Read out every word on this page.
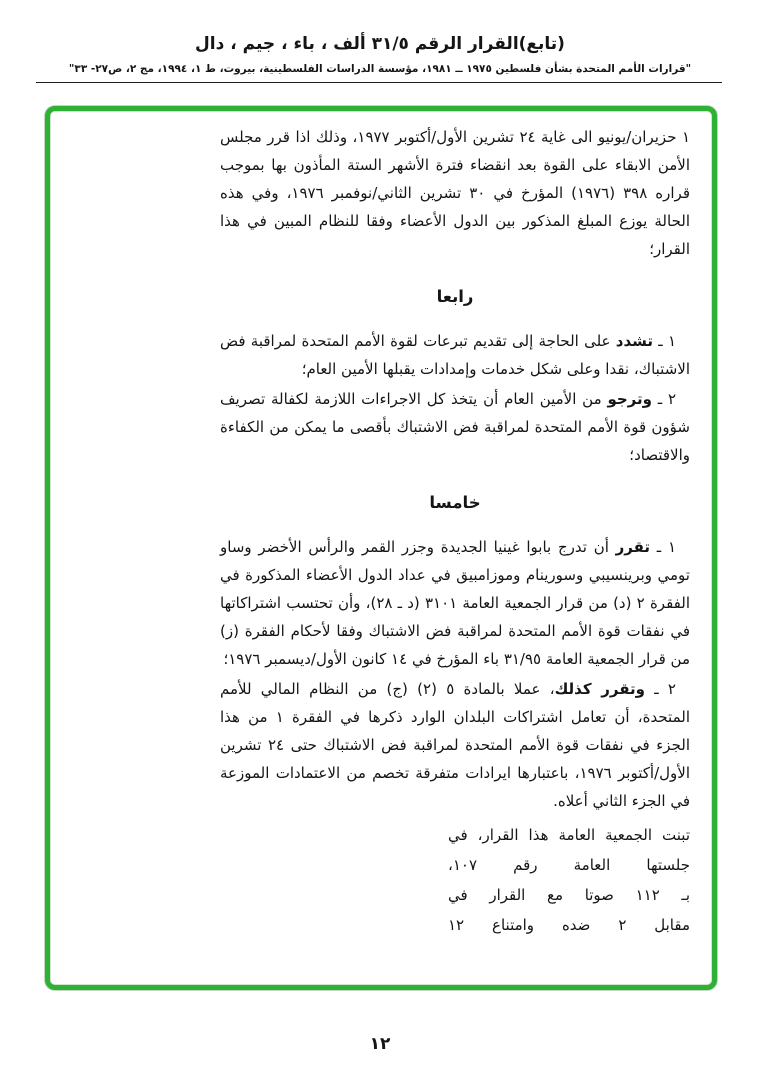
(تابع)القرار الرقم ٣١/٥ ألف ، باء ، جيم ، دال
"قرارات الأمم المتحدة بشأن فلسطين ١٩٧٥ ــ ١٩٨١، مؤسسة الدراسات الفلسطينية، بيروت، ط ١، ١٩٩٤، مج ٢، ص٢٧- ٣٣"

١ حزيران/يونيو الى غاية ٢٤ تشرين الأول/أكتوبر ١٩٧٧، وذلك اذا قرر مجلس الأمن الابقاء على القوة بعد انقضاء فترة الأشهر الستة المأذون بها بموجب قراره ٣٩٨ (١٩٧٦) المؤرخ في ٣٠ تشرين الثاني/نوفمبر ١٩٧٦، وفي هذه الحالة يوزع المبلغ المذكور بين الدول الأعضاء وفقا للنظام المبين في هذا القرار؛

رابعا

١ ـ تشدد على الحاجة إلى تقديم تبرعات لقوة الأمم المتحدة لمراقبة فض الاشتباك، نقدا وعلى شكل خدمات وإمدادات يقبلها الأمين العام؛

٢ ـ وترجو من الأمين العام أن يتخذ كل الاجراءات اللازمة لكفالة تصريف شؤون قوة الأمم المتحدة لمراقبة فض الاشتباك بأقصى ما يمكن من الكفاءة والاقتصاد؛

خامسا

١ ـ تقرر أن تدرج بابوا غينيا الجديدة وجزر القمر والرأس الأخضر وساو تومي وبرينسيبي وسورينام وموزامبيق في عداد الدول الأعضاء المذكورة في الفقرة ٢ (د) من قرار الجمعية العامة ٣١٠١ (د ـ ٢٨)، وأن تحتسب اشتراكاتها في نفقات قوة الأمم المتحدة لمراقبة فض الاشتباك وفقا لأحكام الفقرة (ز) من قرار الجمعية العامة ٣١/٩٥ باء المؤرخ في ١٤ كانون الأول/ديسمبر ١٩٧٦؛

٢ ـ وتقرر كذلك، عملا بالمادة ٥ (٢) (ج) من النظام المالي للأمم المتحدة، أن تعامل اشتراكات البلدان الوارد ذكرها في الفقرة ١ من هذا الجزء في نفقات قوة الأمم المتحدة لمراقبة فض الاشتباك حتى ٢٤ تشرين الأول/أكتوبر ١٩٧٦، باعتبارها ايرادات متفرقة تخصم من الاعتمادات الموزعة في الجزء الثاني أعلاه.

تبنت الجمعية العامة هذا القرار، في
جلستها العامة رقم ١٠٧،
بـ ١١٢ صوتا مع القرار في
مقابل ٢ ضده وامتناع ١٢
١٢
